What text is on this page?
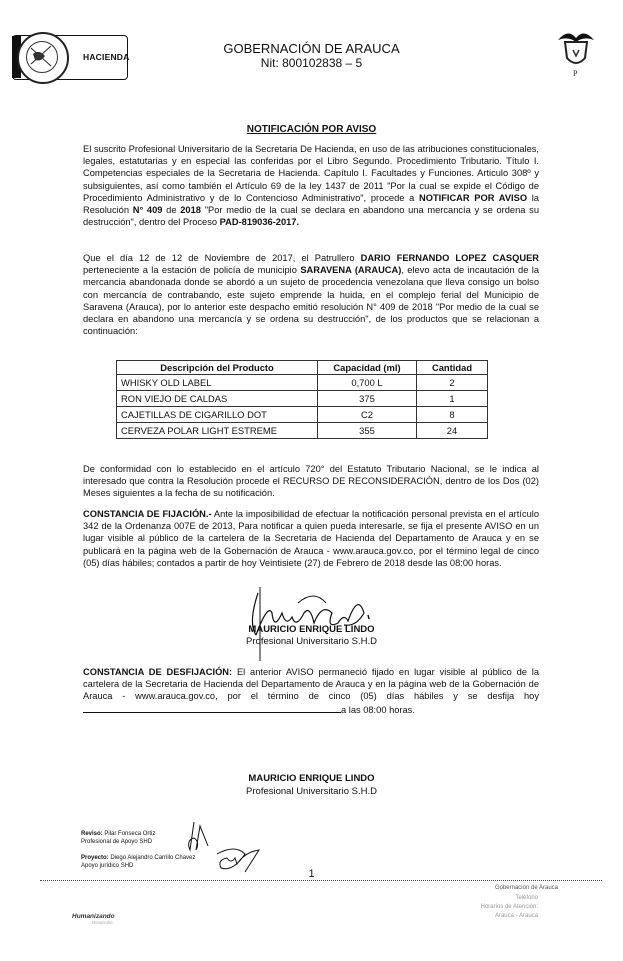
HACIENDA
GOBERNACIÓN DE ARAUCA
Nit: 800102838 – 5
P
NOTIFICACIÓN POR AVISO
El suscrito Profesional Universitario de la Secretaria De Hacienda, en uso de las atribuciones constitucionales, legales, estatutarias y en especial las conferidas por el Libro Segundo. Procedimiento Tributario. Título I. Competencias especiales de la Secretaria de Hacienda. Capítulo I. Facultades y Funciones. Articulo 308º y subsiguientes, así como también el Artículo 69 de la ley 1437 de 2011 "Por la cual se expide el Código de Procedimiento Administrativo y de lo Contencioso Administrativo", procede a NOTIFICAR POR AVISO la Resolución N° 409 de 2018 "Por medio de la cual se declara en abandono una mercancía y se ordena su destrucción", dentro del Proceso PAD-819036-2017.
Que el día 12 de 12 de Noviembre de 2017, el Patrullero DARIO FERNANDO LOPEZ CASQUER perteneciente a la estación de policía de municipio SARAVENA (ARAUCA), elevo acta de incautación de la mercancia abandonada donde se abordó a un sujeto de procedencia venezolana que lleva consigo un bolso con mercancía de contrabando, este sujeto emprende la huida, en el complejo ferial del Municipio de Saravena (Arauca), por lo anterior este despacho emitió resolución N° 409 de 2018 "Por medio de la cual se declara en abandono una mercancía y se ordena su destrucción", de los productos que se relacionan a continuación:
Descripción del Producto	Capacidad (ml)	Cantidad
WHISKY OLD LABEL	0,700 L	2
RON VIEJO DE CALDAS	375	1
CAJETILLAS DE CIGARILLO DOT	C2	8
CERVEZA POLAR LIGHT ESTREME	355	24
De conformidad con lo establecido en el artículo 720° del Estatuto Tributario Nacional, se le indica al interesado que contra la Resolución procede el RECURSO DE RECONSIDERACIÓN, dentro de los Dos (02) Meses siguientes a la fecha de su notificación.
CONSTANCIA DE FIJACIÓN.- Ante la imposibilidad de efectuar la notificación personal prevista en el artículo 342 de la Ordenanza 007E de 2013, Para notificar a quien pueda interesarle, se fija el presente AVISO en un lugar visible al público de la cartelera de la Secretaria de Hacienda del Departamento de Arauca y en se publicará en la página web de la Gobernación de Arauca - www.arauca.gov.co, por el término legal de cinco (05) días hábiles; contados a partir de hoy Veintisiete (27) de Febrero de 2018 desde las 08:00 horas.
MAURICIO ENRIQUE LINDO
Profesional Universitario S.H.D
CONSTANCIA DE DESFIJACIÓN: El anterior AVISO permaneció fijado en lugar visible al público de la cartelera de la Secretaria de Hacienda del Departamento de Arauca y en la página web de la Gobernación de Arauca - www.arauca.gov.co, por el término de cinco (05) días hábiles y se desfija hoy a las 08:00 horas.
MAURICIO ENRIQUE LINDO
Profesional Universitario S.H.D
Reviso: Pilar Fonseca Ortiz
Profesional de Apoyo SHD
Proyecto: Diego Alejandro Carrillo Chavez
Apoyo jurídico SHD
1
Humanizando
Desarrollo
Gobernación de Arauca
Teléfono
Horarios de Atención:
Arauca - Arauca
